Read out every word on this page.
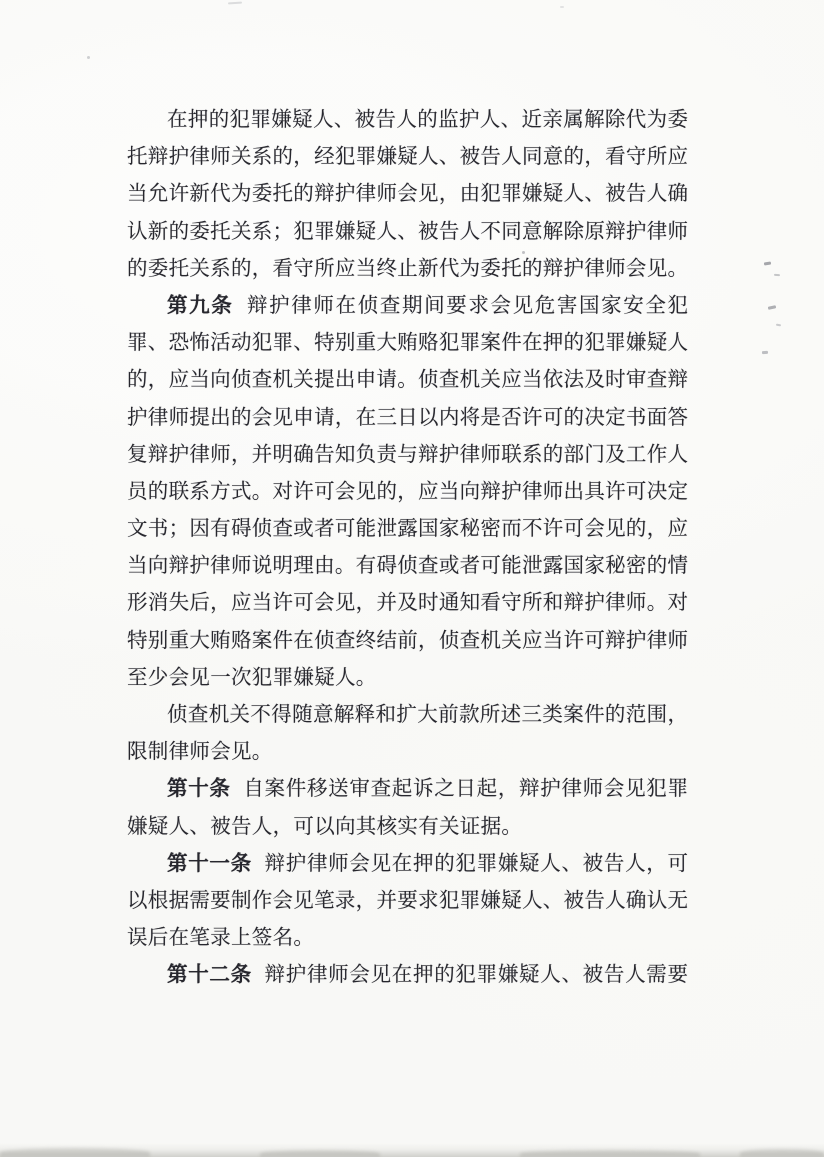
在押的犯罪嫌疑人、被告人的监护人、近亲属解除代为委
托辩护律师关系的，经犯罪嫌疑人、被告人同意的，看守所应
当允许新代为委托的辩护律师会见，由犯罪嫌疑人、被告人确
认新的委托关系；犯罪嫌疑人、被告人不同意解除原辩护律师
的委托关系的，看守所应当终止新代为委托的辩护律师会见。
第九条 辩护律师在侦查期间要求会见危害国家安全犯
罪、恐怖活动犯罪、特别重大贿赂犯罪案件在押的犯罪嫌疑人
的，应当向侦查机关提出申请。侦查机关应当依法及时审查辩
护律师提出的会见申请，在三日以内将是否许可的决定书面答
复辩护律师，并明确告知负责与辩护律师联系的部门及工作人
员的联系方式。对许可会见的，应当向辩护律师出具许可决定
文书；因有碍侦查或者可能泄露国家秘密而不许可会见的，应
当向辩护律师说明理由。有碍侦查或者可能泄露国家秘密的情
形消失后，应当许可会见，并及时通知看守所和辩护律师。对
特别重大贿赂案件在侦查终结前，侦查机关应当许可辩护律师
至少会见一次犯罪嫌疑人。
侦查机关不得随意解释和扩大前款所述三类案件的范围，
限制律师会见。
第十条 自案件移送审查起诉之日起，辩护律师会见犯罪
嫌疑人、被告人，可以向其核实有关证据。
第十一条 辩护律师会见在押的犯罪嫌疑人、被告人，可
以根据需要制作会见笔录，并要求犯罪嫌疑人、被告人确认无
误后在笔录上签名。
第十二条 辩护律师会见在押的犯罪嫌疑人、被告人需要
